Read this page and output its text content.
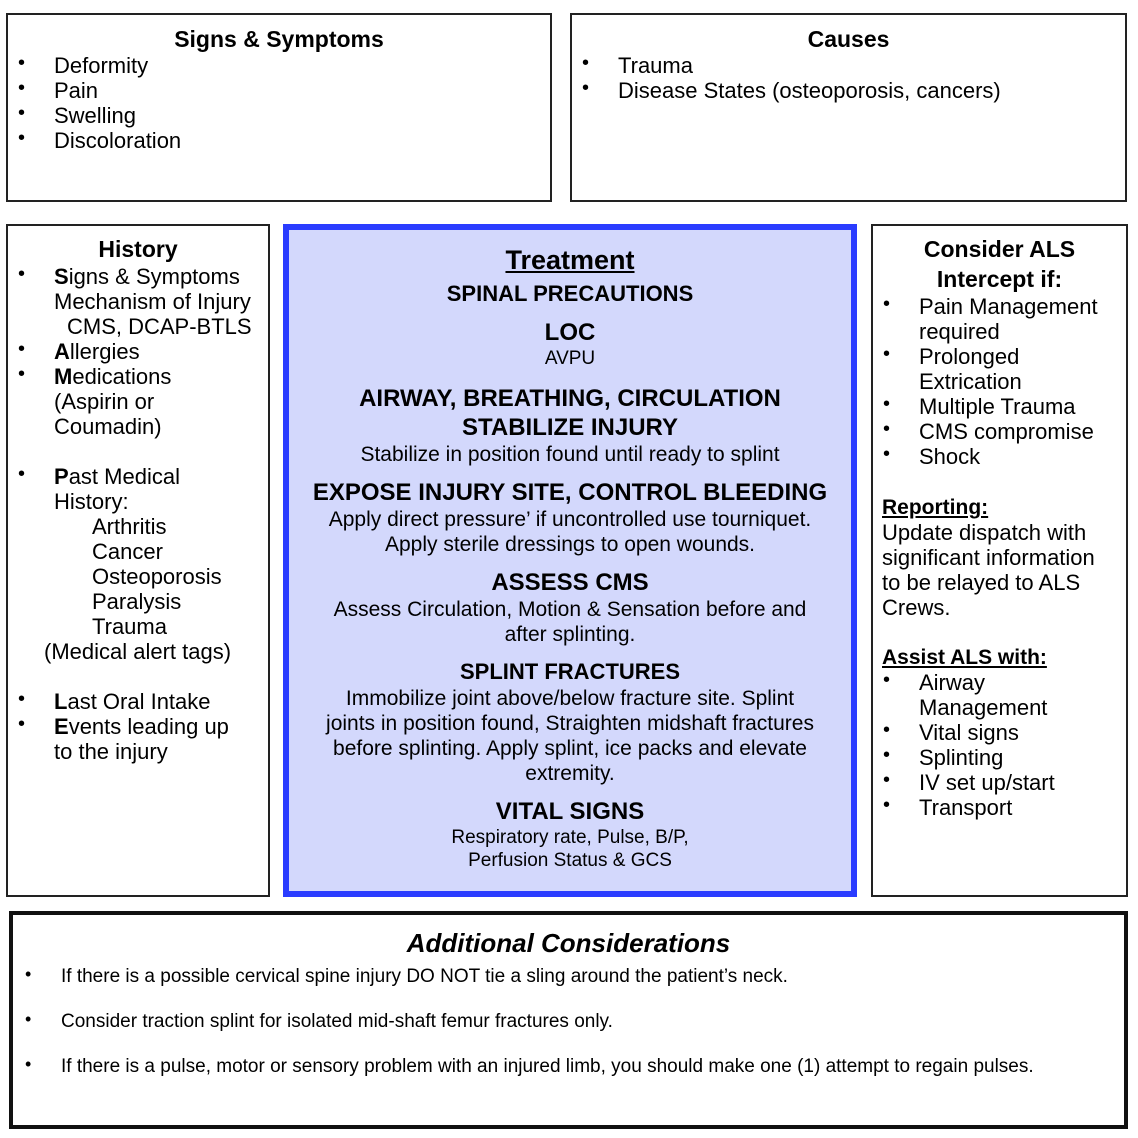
Signs & Symptoms
• Deformity
• Pain
• Swelling
• Discoloration
Causes
• Trauma
• Disease States (osteoporosis, cancers)
History
• Signs & Symptoms
Mechanism of Injury
CMS, DCAP-BTLS
• Allergies
• Medications
(Aspirin or
Coumadin)
• Past Medical
History:
Arthritis
Cancer
Osteoporosis
Paralysis
Trauma
(Medical alert tags)
• Last Oral Intake
• Events leading up
to the injury
Treatment
SPINAL PRECAUTIONS
LOC
AVPU
AIRWAY, BREATHING, CIRCULATION
STABILIZE INJURY
Stabilize in position found until ready to splint
EXPOSE INJURY SITE, CONTROL BLEEDING
Apply direct pressure’ if uncontrolled use tourniquet.
Apply sterile dressings to open wounds.
ASSESS CMS
Assess Circulation, Motion & Sensation before and
after splinting.
SPLINT FRACTURES
Immobilize joint above/below fracture site. Splint
joints in position found, Straighten midshaft fractures
before splinting. Apply splint, ice packs and elevate
extremity.
VITAL SIGNS
Respiratory rate, Pulse, B/P,
Perfusion Status & GCS
Consider ALS
Intercept if:
• Pain Management
required
• Prolonged
Extrication
• Multiple Trauma
• CMS compromise
• Shock
Reporting:
Update dispatch with
significant information
to be relayed to ALS
Crews.
Assist ALS with:
• Airway
Management
• Vital signs
• Splinting
• IV set up/start
• Transport
Additional Considerations
• If there is a possible cervical spine injury DO NOT tie a sling around the patient’s neck.
• Consider traction splint for isolated mid-shaft femur fractures only.
• If there is a pulse, motor or sensory problem with an injured limb, you should make one (1) attempt to regain pulses.
